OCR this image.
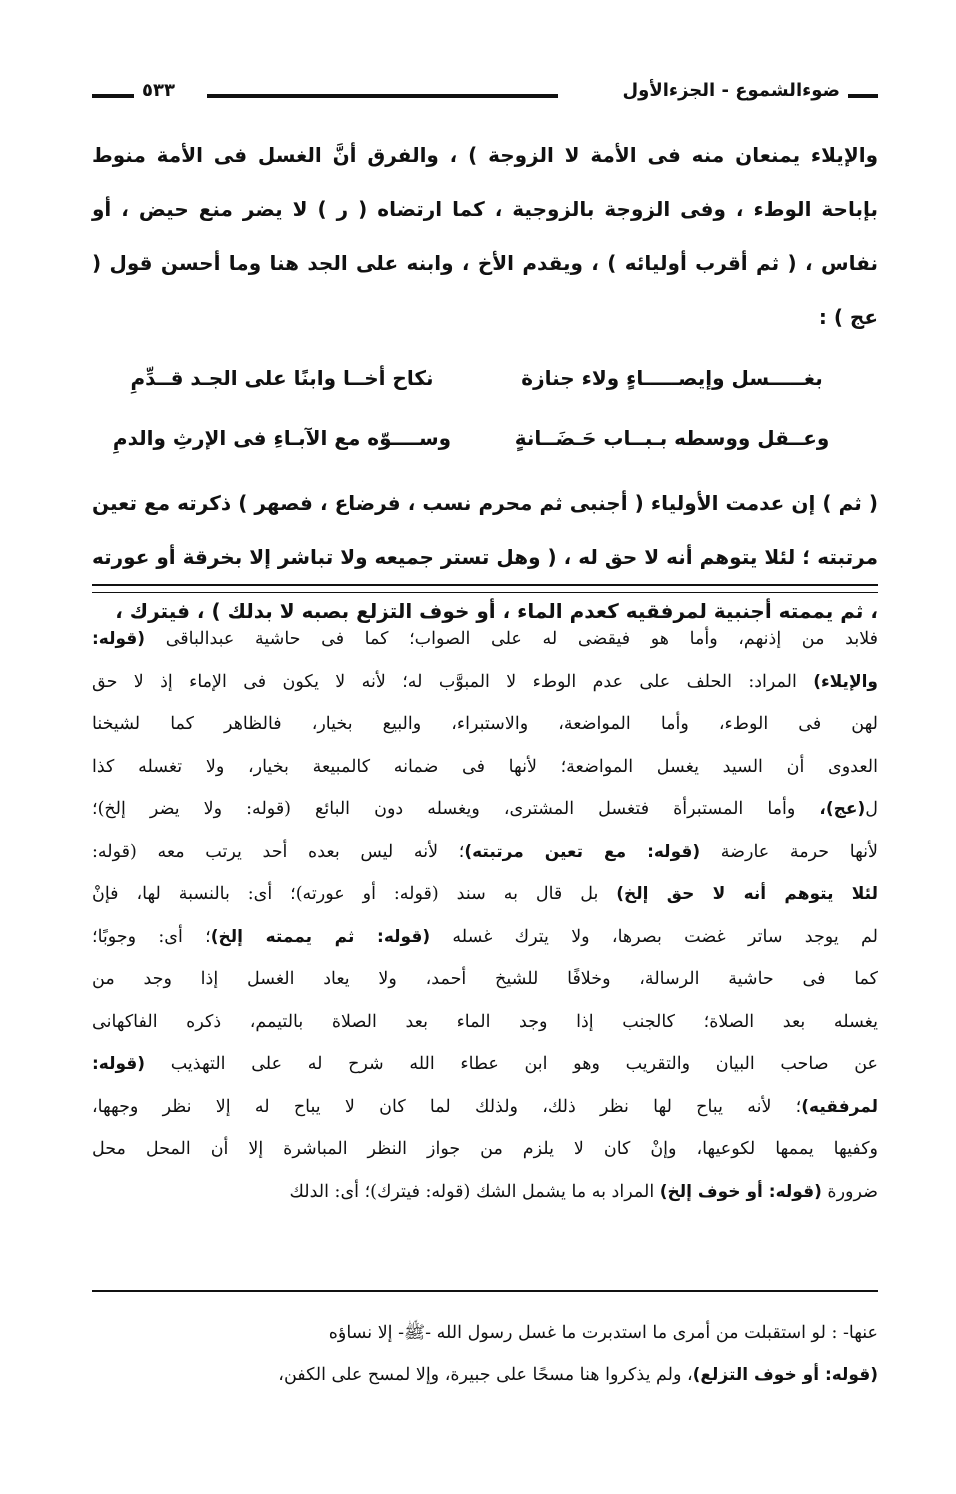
ضوءالشموع - الجزءالأول
٥٣٣

والإيلاء يمنعان منه فى الأمة لا الزوجة ) ، والفرق أنَّ الغسل فى الأمة منوط بإباحة الوطء ، وفى الزوجة بالزوجية ، كما ارتضاه ( ر ) لا يضر منع حيض ، أو نفاس ، ( ثم أقرب أوليائه ) ، ويقدم الأخ ، وابنه على الجد هنا وما أحسن قول ( عج ) :

بغـــــسل وإيصـــــاءٍ ولاء جنازة
نكاح أخــا وابنًا على الجـد قــدِّمِ
وعــقل ووسطه بـبــاب حَـضَــانةٍ
وســــوّه مع الآبـاءِ فى الإرثِ والدمِ

( ثم ) إن عدمت الأولياء ( أجنبى ثم محرم نسب ، فرضاع ، فصهر ) ذكرته مع تعين مرتبته ؛ لئلا يتوهم أنه لا حق له ، ( وهل تستر جميعه ولا تباشر إلا بخرقة أو عورته ، ثم يممته أجنبية لمرفقيه كعدم الماء ، أو خوف التزلع بصبه لا بدلك ) ، فيترك ،

فلابد من إذنهم، وأما هو فيقضى له على الصواب؛ كما فى حاشية عبدالباقى (قوله:

والإيلاء) المراد: الحلف على عدم الوطء لا المبوَّب له؛ لأنه لا يكون فى الإماء إذ لا حق

لهن فى الوطء، وأما المواضعة، والاستبراء، والبيع بخيار، فالظاهر كما لشيخنا

العدوى أن السيد يغسل المواضعة؛ لأنها فى ضمانه كالمبيعة بخيار، ولا تغسله كذا

ل(عج)، وأما المستبرأة فتغسل المشترى، ويغسله دون البائع (قوله: ولا يضر إلخ)؛

لأنها حرمة عارضة (قوله: مع تعين مرتبته)؛ لأنه ليس بعده أحد يرتب معه (قوله:

لئلا يتوهم أنه لا حق إلخ) بل قال به سند (قوله: أو عورته)؛ أى: بالنسبة لها، فإنْ

لم يوجد ساتر غضت بصرها، ولا يترك غسله (قوله: ثم يممته إلخ)؛ أى: وجوبًا؛

كما فى حاشية الرسالة، وخلافًا للشيخ أحمد، ولا يعاد الغسل إذا وجد من

يغسله بعد الصلاة؛ كالجنب إذا وجد الماء بعد الصلاة بالتيمم، ذكره الفاكهانى

عن صاحب البيان والتقريب وهو ابن عطاء الله شرح له على التهذيب (قوله:

لمرفقيه)؛ لأنه يباح لها نظر ذلك، ولذلك لما كان لا يباح له إلا نظر وجهها،

وكفيها يممها لكوعيها، وإنْ كان لا يلزم من جواز النظر المباشرة إلا أن المحل محل

ضرورة (قوله: أو خوف إلخ) المراد به ما يشمل الشك (قوله: فيترك)؛ أى: الدلك

عنها- : لو استقبلت من أمرى ما استدبرت ما غسل رسول الله -ﷺ- إلا نساؤه

(قوله: أو خوف التزلع)، ولم يذكروا هنا مسحًا على جبيرة، وإلا لمسح على الكفن،
